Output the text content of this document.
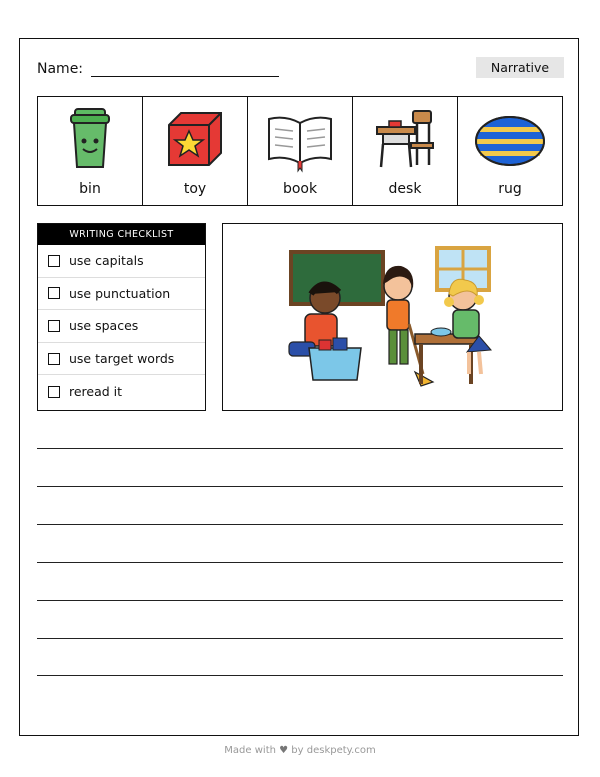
Name:	Narrative
bin	toy	book	desk	rug
WRITING CHECKLIST
use capitals
use punctuation
use spaces
use target words
reread it
Made with ♥ by deskpety.com
